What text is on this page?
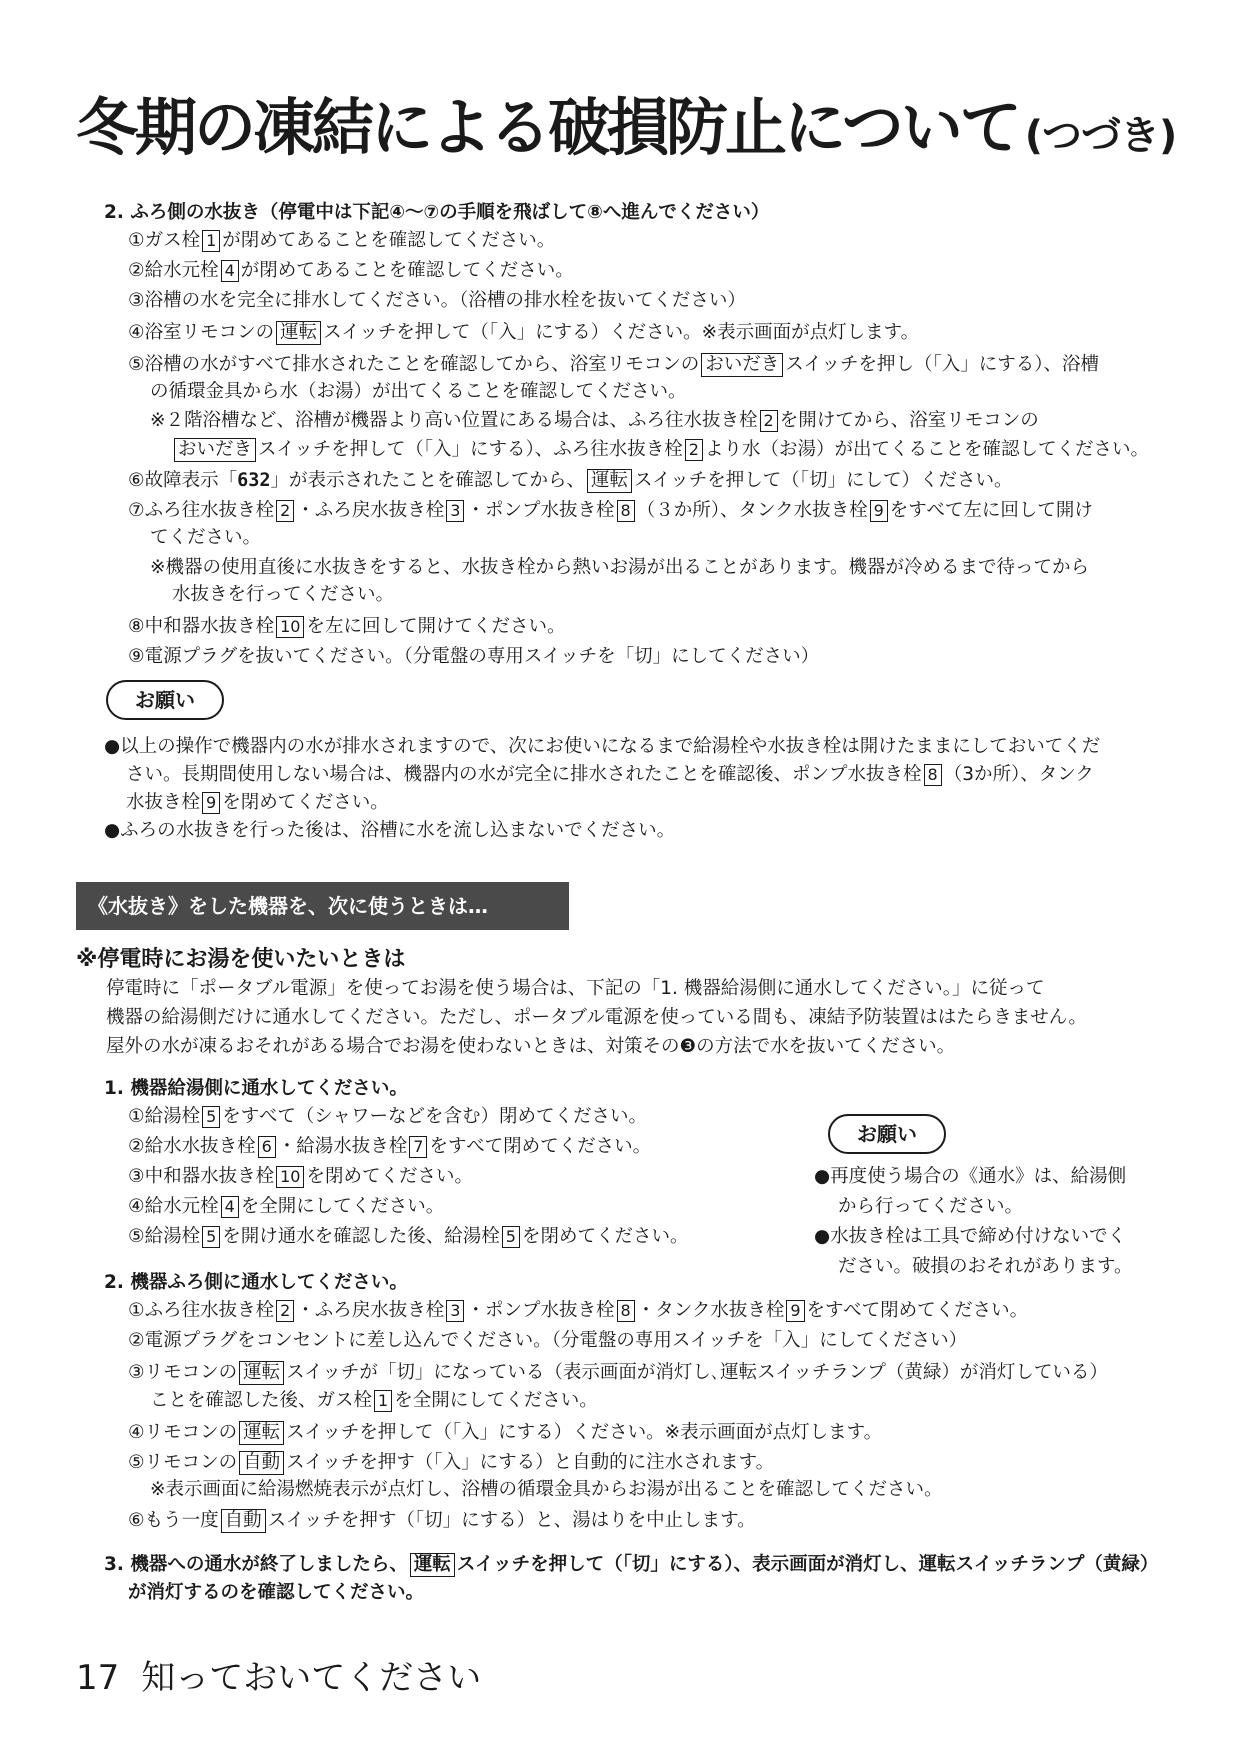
冬期の凍結による破損防止について (つづき)
2. ふろ側の水抜き（停電中は下記④～⑦の手順を飛ばして⑧へ進んでください）
①ガス栓 1 が閉めてあることを確認してください。
②給水元栓 4 が閉めてあることを確認してください。
③浴槽の水を完全に排水してください。（浴槽の排水栓を抜いてください）
④浴室リモコンの 運転 スイッチを押して（「入」にする）ください。※表示画面が点灯します。
⑤浴槽の水がすべて排水されたことを確認してから、浴室リモコンの おいだき スイッチを押し（「入」にする）、浴槽
の循環金具から水（お湯）が出てくることを確認してください。
※２階浴槽など、浴槽が機器より高い位置にある場合は、ふろ往水抜き栓 2 を開けてから、浴室リモコンの
おいだき スイッチを押して（「入」にする）、ふろ往水抜き栓 2 より水（お湯）が出てくることを確認してください。
⑥故障表示「632」が表示されたことを確認してから、 運転 スイッチを押して（「切」にして）ください。
⑦ふろ往水抜き栓 2 ・ふろ戻水抜き栓 3 ・ポンプ水抜き栓 8 （３か所）、タンク水抜き栓 9 をすべて左に回して開け
てください。
※機器の使用直後に水抜きをすると、水抜き栓から熱いお湯が出ることがあります。機器が冷めるまで待ってから
水抜きを行ってください。
⑧中和器水抜き栓 10 を左に回して開けてください。
⑨電源プラグを抜いてください。（分電盤の専用スイッチを「切」にしてください）
お願い
●以上の操作で機器内の水が排水されますので、次にお使いになるまで給湯栓や水抜き栓は開けたままにしておいてくだ
さい。長期間使用しない場合は、機器内の水が完全に排水されたことを確認後、ポンプ水抜き栓 8 （3か所）、タンク
水抜き栓 9 を閉めてください。
●ふろの水抜きを行った後は、浴槽に水を流し込まないでください。
《水抜き》をした機器を、次に使うときは…
※停電時にお湯を使いたいときは
停電時に「ポータブル電源」を使ってお湯を使う場合は、下記の「1. 機器給湯側に通水してください。」に従って
機器の給湯側だけに通水してください。ただし、ポータブル電源を使っている間も、凍結予防装置ははたらきません。
屋外の水が凍るおそれがある場合でお湯を使わないときは、対策その❸の方法で水を抜いてください。
1. 機器給湯側に通水してください。
①給湯栓 5 をすべて（シャワーなどを含む）閉めてください。
②給水水抜き栓 6 ・給湯水抜き栓 7 をすべて閉めてください。
③中和器水抜き栓 10 を閉めてください。
④給水元栓 4 を全開にしてください。
⑤給湯栓 5 を開け通水を確認した後、給湯栓 5 を閉めてください。
お願い
●再度使う場合の《通水》は、給湯側
から行ってください。
●水抜き栓は工具で締め付けないでく
ださい。破損のおそれがあります。
2. 機器ふろ側に通水してください。
①ふろ往水抜き栓 2 ・ふろ戻水抜き栓 3 ・ポンプ水抜き栓 8 ・タンク水抜き栓 9 をすべて閉めてください。
②電源プラグをコンセントに差し込んでください。（分電盤の専用スイッチを「入」にしてください）
③リモコンの 運転 スイッチが「切」になっている（表示画面が消灯し､運転スイッチランプ（黄緑）が消灯している）
ことを確認した後、ガス栓 1 を全開にしてください。
④リモコンの 運転 スイッチを押して（「入」にする）ください。※表示画面が点灯します。
⑤リモコンの 自動 スイッチを押す（「入」にする）と自動的に注水されます。
※表示画面に給湯燃焼表示が点灯し、浴槽の循環金具からお湯が出ることを確認してください。
⑥もう一度 自動 スイッチを押す（「切」にする）と、湯はりを中止します。
3. 機器への通水が終了しましたら、 運転 スイッチを押して（「切」にする）、表示画面が消灯し、運転スイッチランプ（黄緑）
が消灯するのを確認してください。
17 知っておいてください
